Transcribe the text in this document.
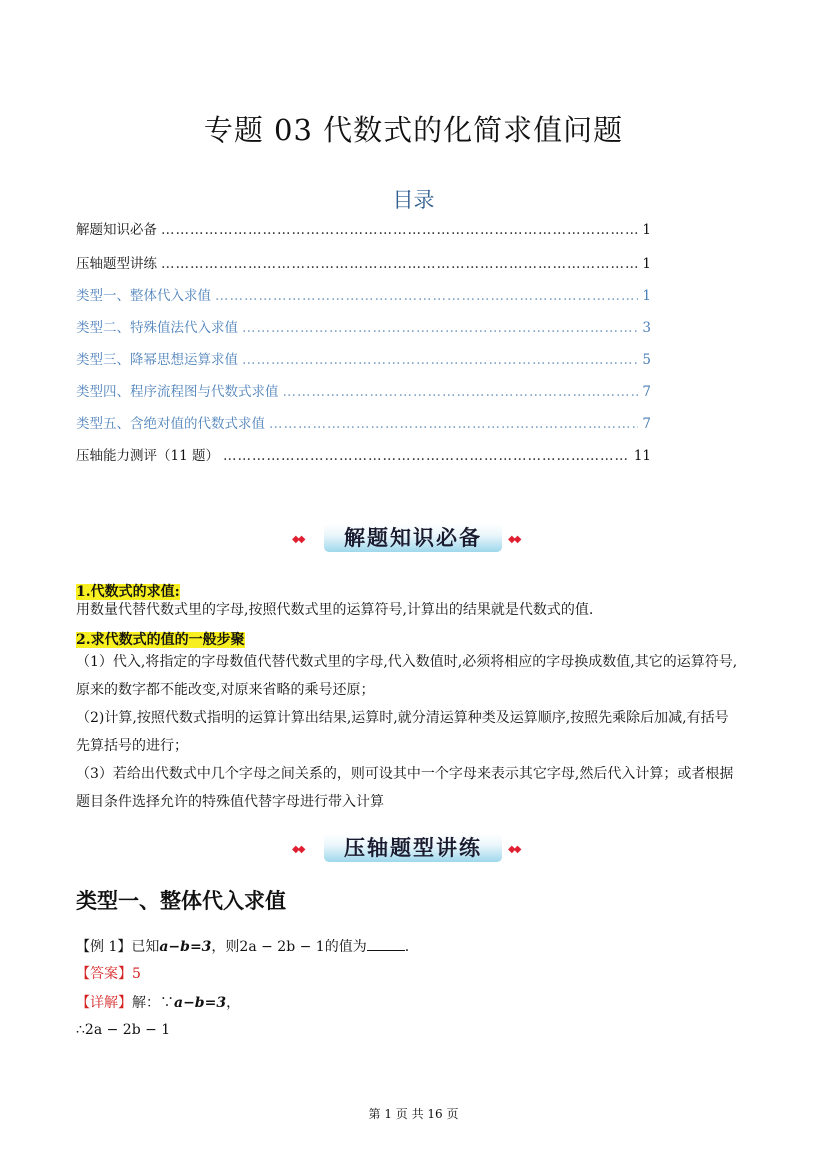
专题 03 代数式的化简求值问题
目录
解题知识必备 ……………………………………………………………………………………………………………………………………………………………………	1
压轴题型讲练 ……………………………………………………………………………………………………………………………………………………………………	1
类型一、整体代入求值 ……………………………………………………………………………………………………………………………………………………………………	1
类型二、特殊值法代入求值 ……………………………………………………………………………………………………………………………………………………………………	3
类型三、降幂思想运算求值 ……………………………………………………………………………………………………………………………………………………………………	5
类型四、程序流程图与代数式求值 ……………………………………………………………………………………………………………………………………………………………………	7
类型五、含绝对值的代数式求值 ……………………………………………………………………………………………………………………………………………………………………	7
压轴能力测评（11 题） ……………………………………………………………………………………………………………………………………………………………………	11
◆◆	解题知识必备	◆◆
1.代数式的求值:
用数量代替代数式里的字母,按照代数式里的运算符号,计算出的结果就是代数式的值.
2.求代数式的值的一般步聚
（1）代入,将指定的字母数值代替代数式里的字母,代入数值时,必须将相应的字母换成数值,其它的运算符号,
原来的数字都不能改变,对原来省略的乘号还原；
（2)计算,按照代数式指明的运算计算出结果,运算时,就分清运算种类及运算顺序,按照先乘除后加减,有括号
先算括号的进行；
（3）若给出代数式中几个字母之间关系的，则可设其中一个字母来表示其它字母,然后代入计算；或者根据
题目条件选择允许的特殊值代替字母进行带入计算
◆◆	压轴题型讲练	◆◆
类型一、整体代入求值
【例 1】已知a−b=3，则2a − 2b − 1的值为	.
【答案】5
【详解】解：∵a−b=3，
∴2a − 2b − 1
第 1 页 共 16 页
